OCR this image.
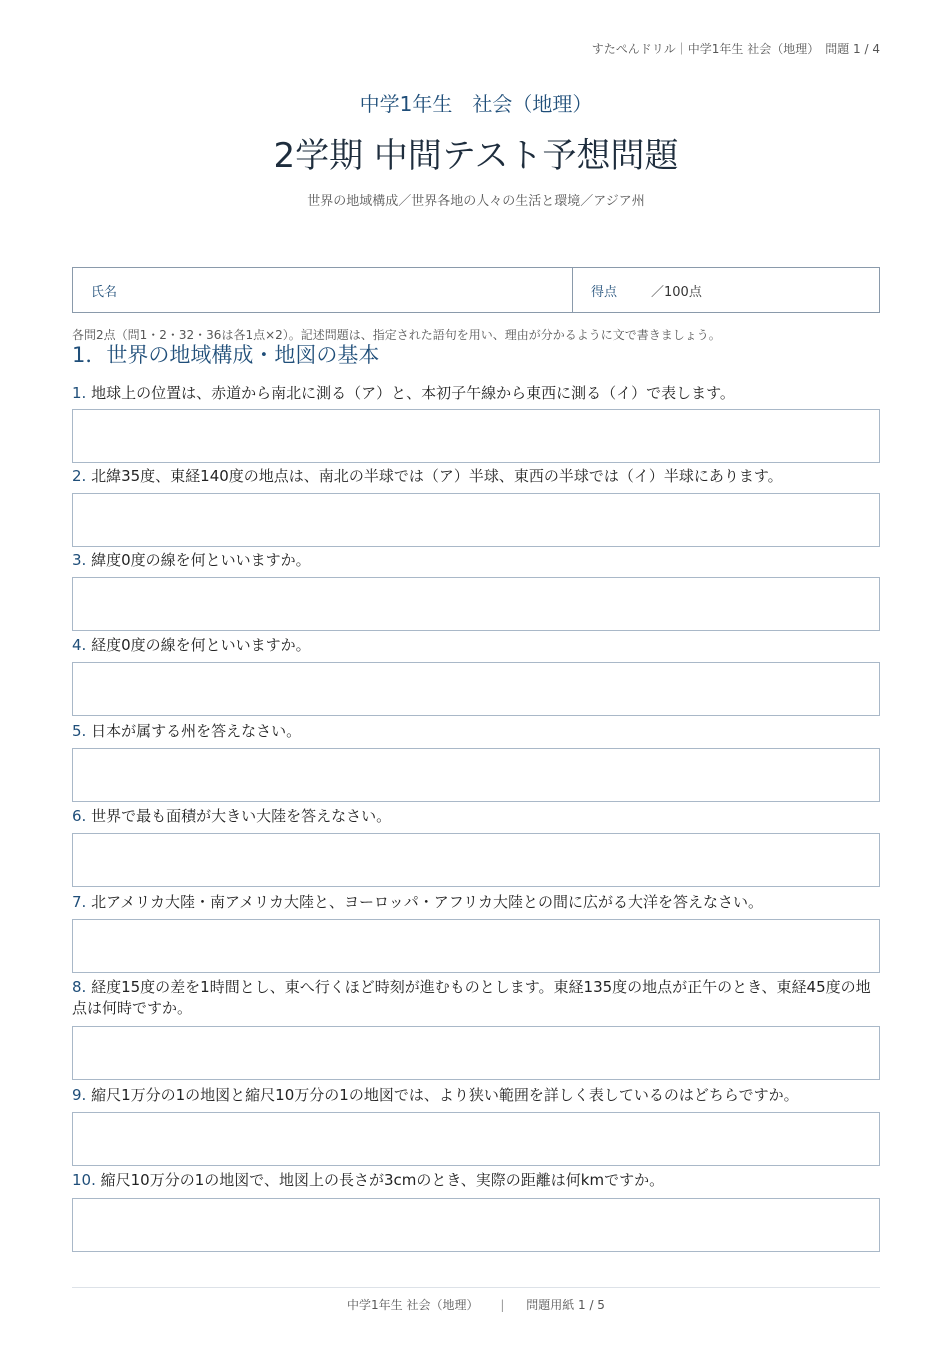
すたぺんドリル｜中学1年生 社会（地理）　問題 1 / 4

中学1年生　社会（地理）

2学期 中間テスト予想問題
世界の地域構成／世界各地の人々の生活と環境／アジア州
氏名	得点	／100点
各問2点（問1・2・32・36は各1点×2）。記述問題は、指定された語句を用い、理由が分かるように文で書きましょう。
1．世界の地域構成・地図の基本
1. 地球上の位置は、赤道から南北に測る（ア）と、本初子午線から東西に測る（イ）で表します。
2. 北緯35度、東経140度の地点は、南北の半球では（ア）半球、東西の半球では（イ）半球にあります。
3. 緯度0度の線を何といいますか。
4. 経度0度の線を何といいますか。
5. 日本が属する州を答えなさい。
6. 世界で最も面積が大きい大陸を答えなさい。
7. 北アメリカ大陸・南アメリカ大陸と、ヨーロッパ・アフリカ大陸との間に広がる大洋を答えなさい。
8. 経度15度の差を1時間とし、東へ行くほど時刻が進むものとします。東経135度の地点が正午のとき、東経45度の地点は何時ですか。
9. 縮尺1万分の1の地図と縮尺10万分の1の地図では、より狭い範囲を詳しく表しているのはどちらですか。
10. 縮尺10万分の1の地図で、地図上の長さが3cmのとき、実際の距離は何kmですか。
中学1年生 社会（地理） | 問題用紙 1 / 5
